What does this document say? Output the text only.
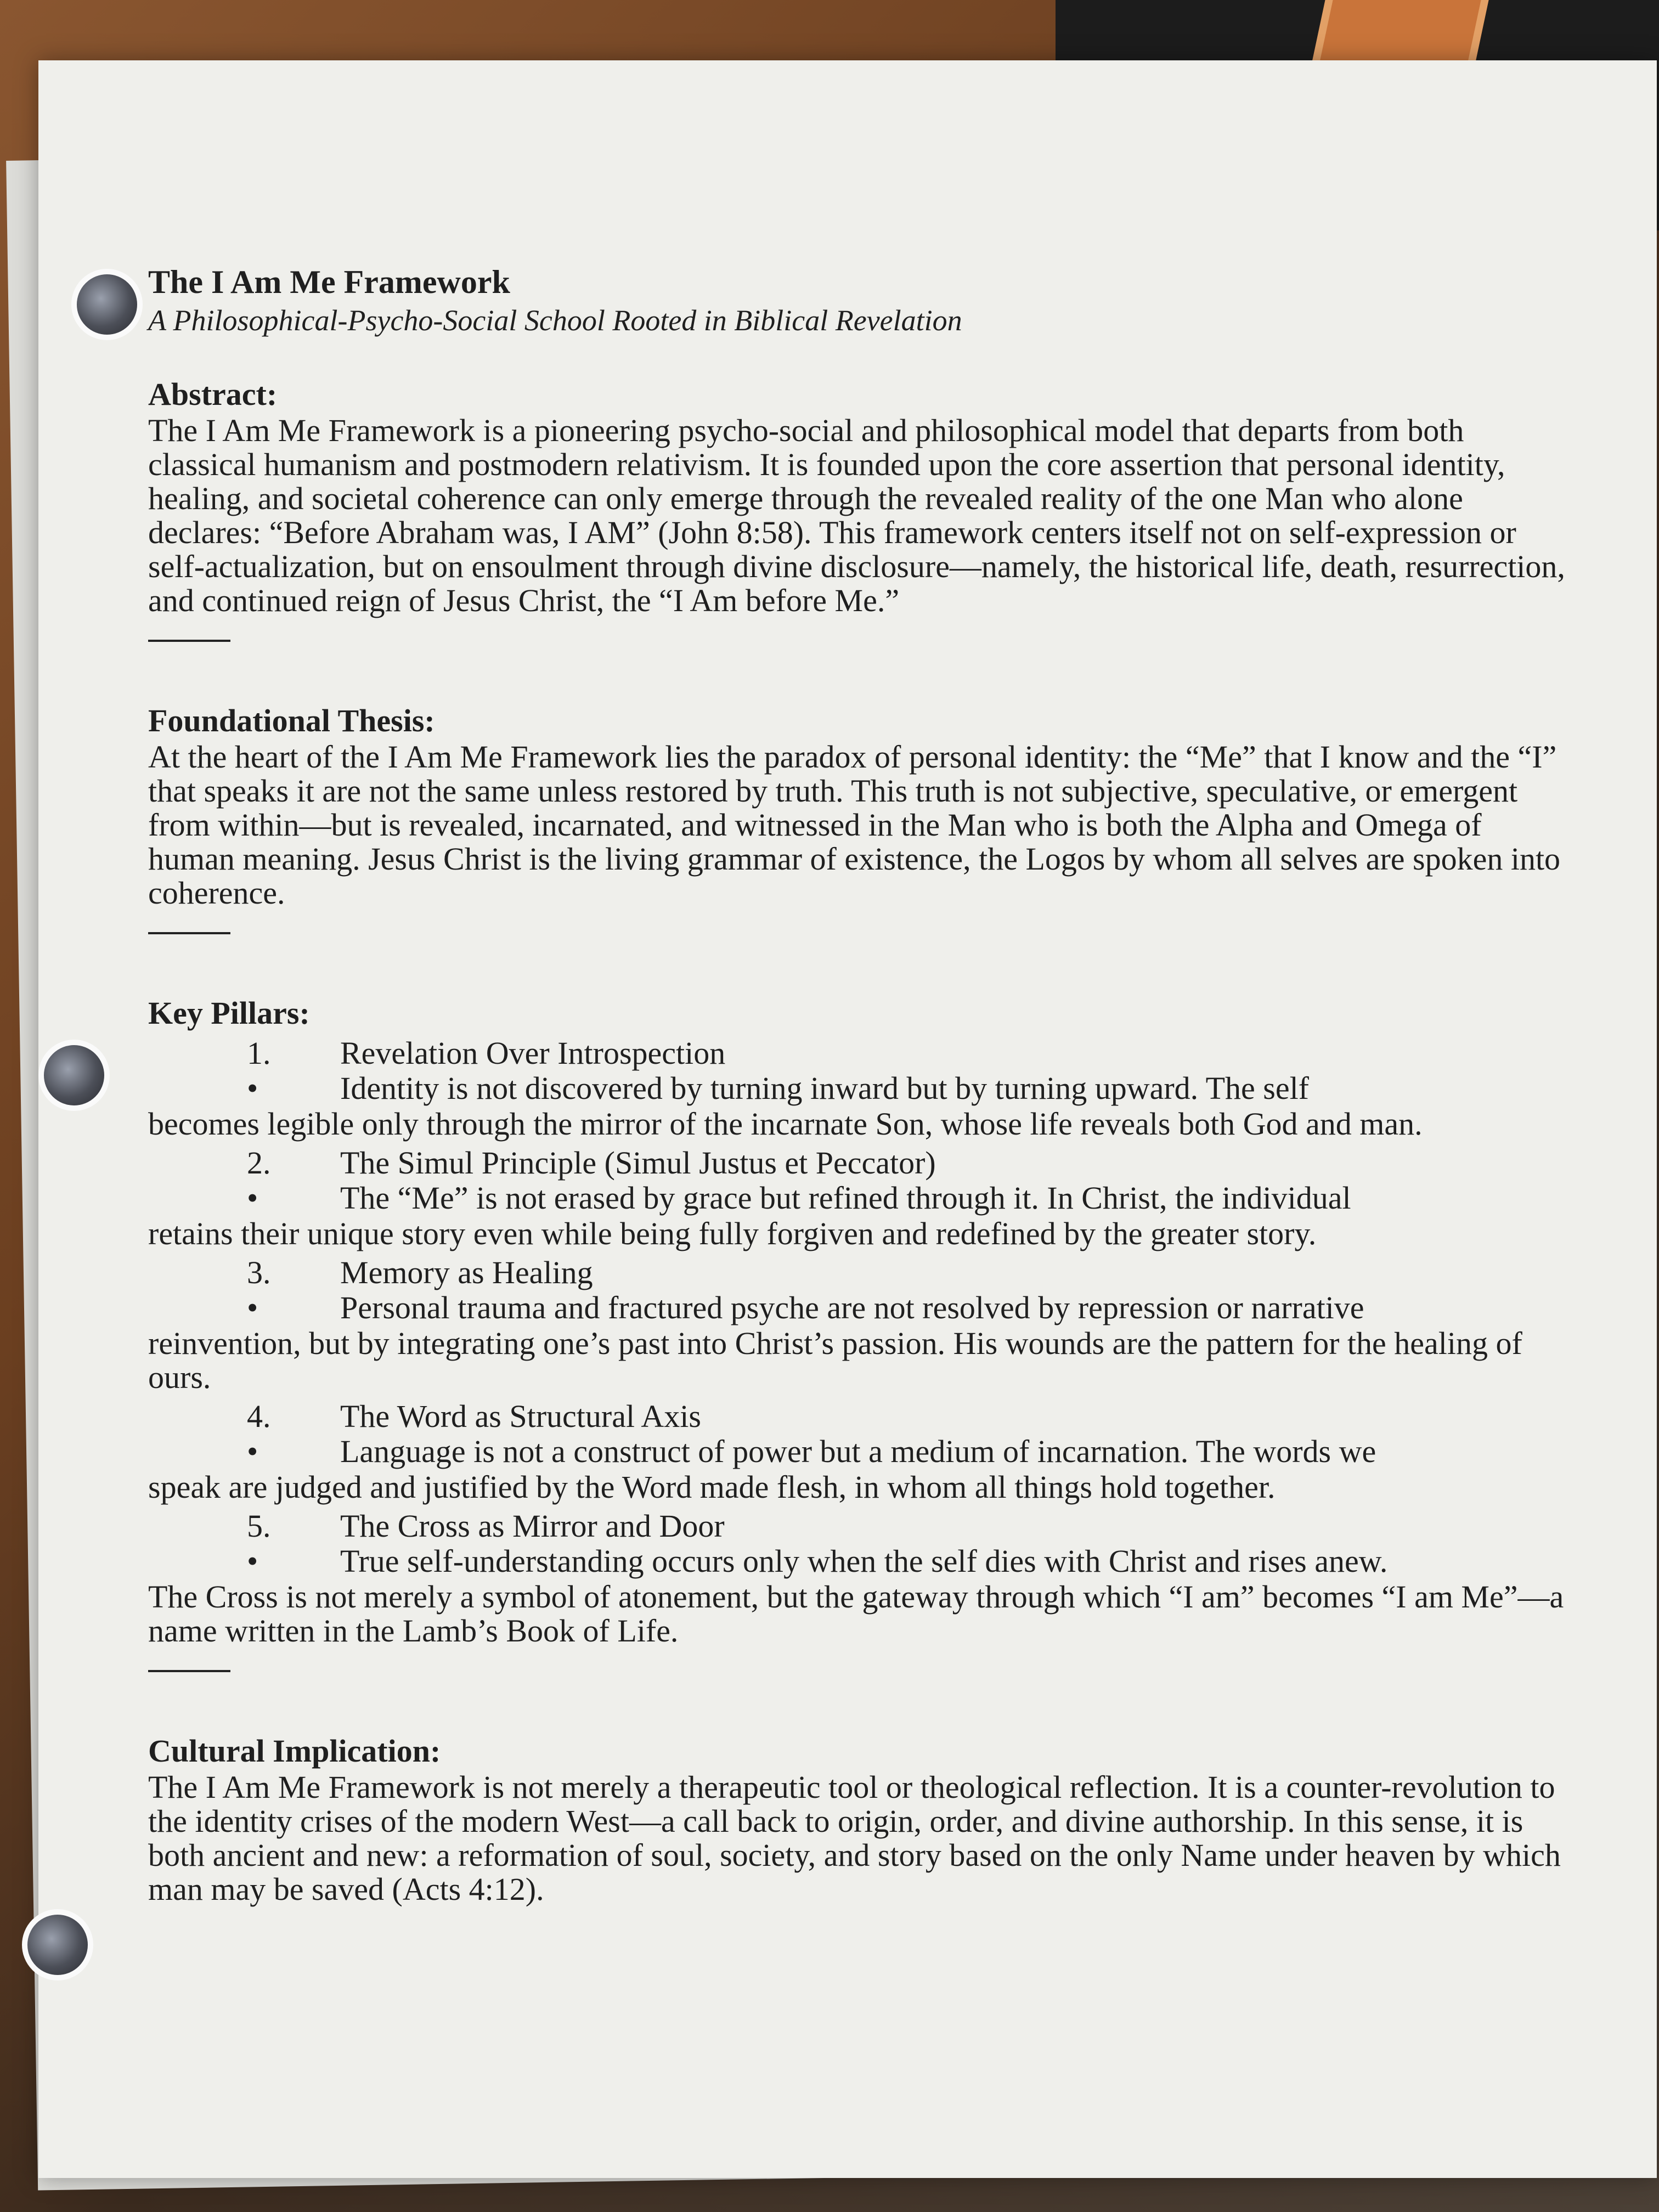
The I Am Me Framework

A Philosophical-Psycho-Social School Rooted in Biblical Revelation

Abstract:

The I Am Me Framework is a pioneering psycho-social and philosophical model that departs from both classical humanism and postmodern relativism. It is founded upon the core assertion that personal identity, healing, and societal coherence can only emerge through the revealed reality of the one Man who alone declares: “Before Abraham was, I AM” (John 8:58). This framework centers itself not on self-expression or self-actualization, but on ensoulment through divine disclosure—namely, the historical life, death, resurrection, and continued reign of Jesus Christ, the “I Am before Me.”

Foundational Thesis:

At the heart of the I Am Me Framework lies the paradox of personal identity: the “Me” that I know and the “I” that speaks it are not the same unless restored by truth. This truth is not subjective, speculative, or emergent from within—but is revealed, incarnated, and witnessed in the Man who is both the Alpha and Omega of human meaning. Jesus Christ is the living grammar of existence, the Logos by whom all selves are spoken into coherence.

Key Pillars:

1.	Revelation Over Introspection

•	Identity is not discovered by turning inward but by turning upward. The self

becomes legible only through the mirror of the incarnate Son, whose life reveals both God and man.

2.	The Simul Principle (Simul Justus et Peccator)

•	The “Me” is not erased by grace but refined through it. In Christ, the individual

retains their unique story even while being fully forgiven and redefined by the greater story.

3.	Memory as Healing

•	Personal trauma and fractured psyche are not resolved by repression or narrative

reinvention, but by integrating one’s past into Christ’s passion. His wounds are the pattern for the healing of ours.

4.	The Word as Structural Axis

•	Language is not a construct of power but a medium of incarnation. The words we

speak are judged and justified by the Word made flesh, in whom all things hold together.

5.	The Cross as Mirror and Door

•	True self-understanding occurs only when the self dies with Christ and rises anew.

The Cross is not merely a symbol of atonement, but the gateway through which “I am” becomes “I am Me”—a name written in the Lamb’s Book of Life.

Cultural Implication:

The I Am Me Framework is not merely a therapeutic tool or theological reflection. It is a counter-revolution to the identity crises of the modern West—a call back to origin, order, and divine authorship. In this sense, it is both ancient and new: a reformation of soul, society, and story based on the only Name under heaven by which man may be saved (Acts 4:12).
